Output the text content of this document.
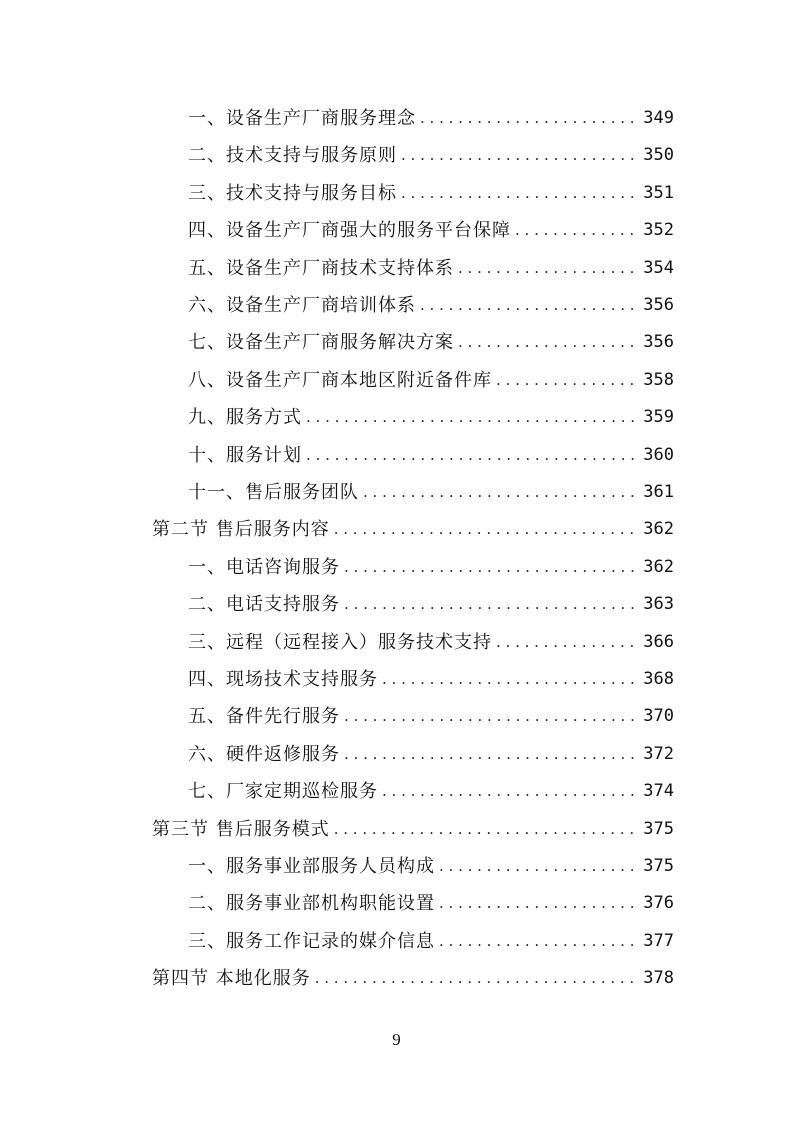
一、设备生产厂商服务理念 . . .	349
二、技术支持与服务原则 . . .	350
三、技术支持与服务目标 . . .	351
四、设备生产厂商强大的服务平台保障 . . .	352
五、设备生产厂商技术支持体系 . . .	354
六、设备生产厂商培训体系 . . .	356
七、设备生产厂商服务解决方案 . . .	356
八、设备生产厂商本地区附近备件库 . . .	358
九、服务方式 . . .	359
十、服务计划 . . .	360
十一、售后服务团队 . . .	361
第二节 售后服务内容 . . .	362
一、电话咨询服务 . . .	362
二、电话支持服务 . . .	363
三、远程（远程接入）服务技术支持 . . .	366
四、现场技术支持服务 . . .	368
五、备件先行服务 . . .	370
六、硬件返修服务 . . .	372
七、厂家定期巡检服务 . . .	374
第三节 售后服务模式 . . .	375
一、服务事业部服务人员构成 . . .	375
二、服务事业部机构职能设置 . . .	376
三、服务工作记录的媒介信息 . . .	377
第四节 本地化服务 . . .	378
9
